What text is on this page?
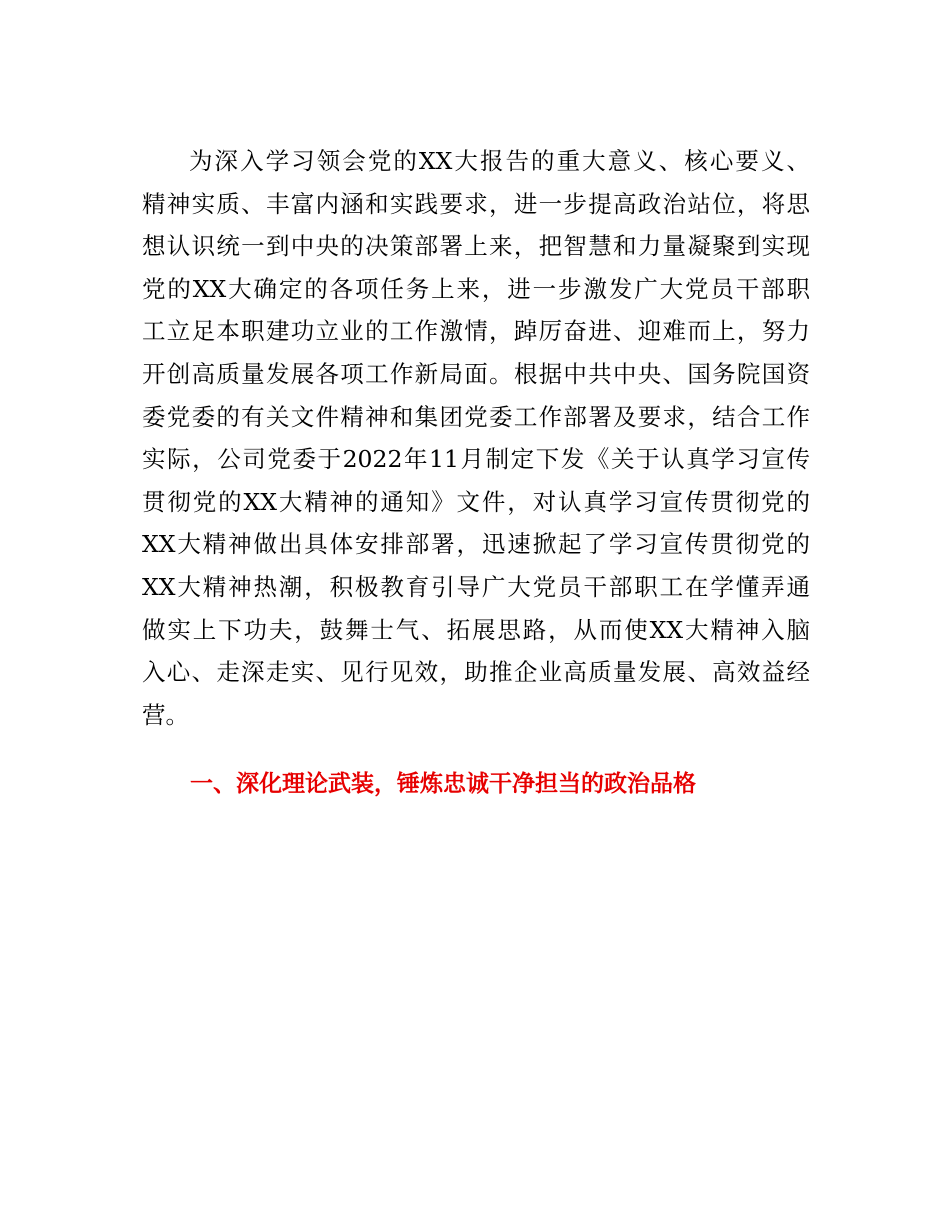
为深入学习领会党的XX大报告的重大意义、核心要义、
精神实质、丰富内涵和实践要求，进一步提高政治站位，将思
想认识统一到中央的决策部署上来，把智慧和力量凝聚到实现
党的XX大确定的各项任务上来，进一步激发广大党员干部职
工立足本职建功立业的工作激情，踔厉奋进、迎难而上，努力
开创高质量发展各项工作新局面。根据中共中央、国务院国资
委党委的有关文件精神和集团党委工作部署及要求，结合工作
实际，公司党委于2022年11月制定下发《关于认真学习宣传
贯彻党的XX大精神的通知》文件，对认真学习宣传贯彻党的
XX大精神做出具体安排部署，迅速掀起了学习宣传贯彻党的
XX大精神热潮，积极教育引导广大党员干部职工在学懂弄通
做实上下功夫，鼓舞士气、拓展思路，从而使XX大精神入脑
入心、走深走实、见行见效，助推企业高质量发展、高效益经
营。
一、深化理论武装，锤炼忠诚干净担当的政治品格
